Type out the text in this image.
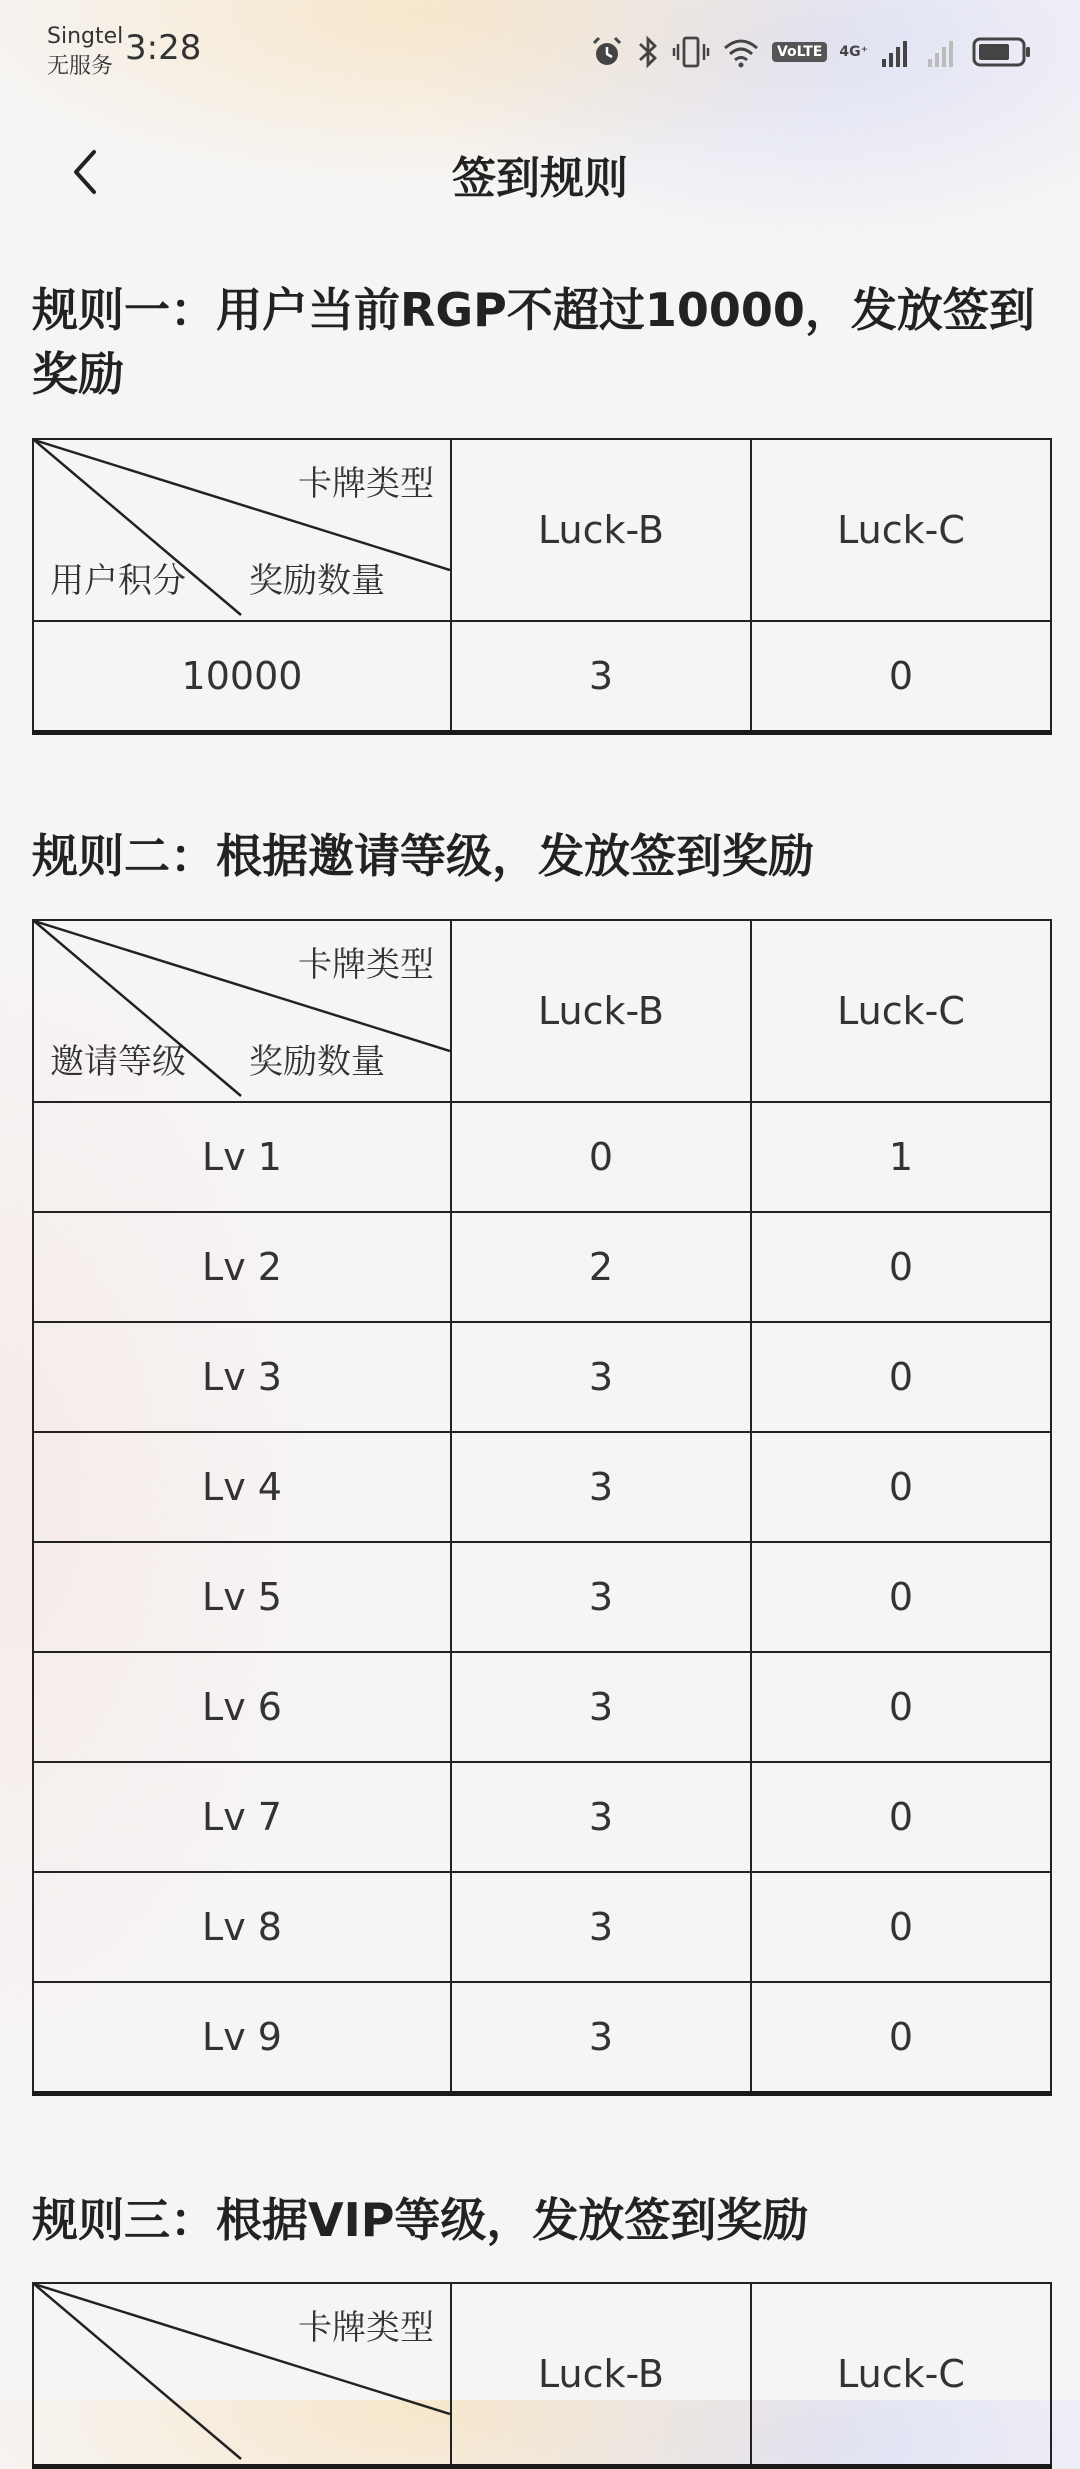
Singtel
无服务 3:28	VoLTE	4G⁺
签到规则
规则一：用户当前RGP不超过10000，发放签到奖励
卡牌类型
用户积分 奖励数量	Luck-B	Luck-C
10000	3	0
规则二：根据邀请等级，发放签到奖励
卡牌类型
邀请等级 奖励数量	Luck-B	Luck-C
Lv 1	0	1
Lv 2	2	0
Lv 3	3	0
Lv 4	3	0
Lv 5	3	0
Lv 6	3	0
Lv 7	3	0
Lv 8	3	0
Lv 9	3	0
规则三：根据VIP等级，发放签到奖励
卡牌类型
	Luck-B	Luck-C
